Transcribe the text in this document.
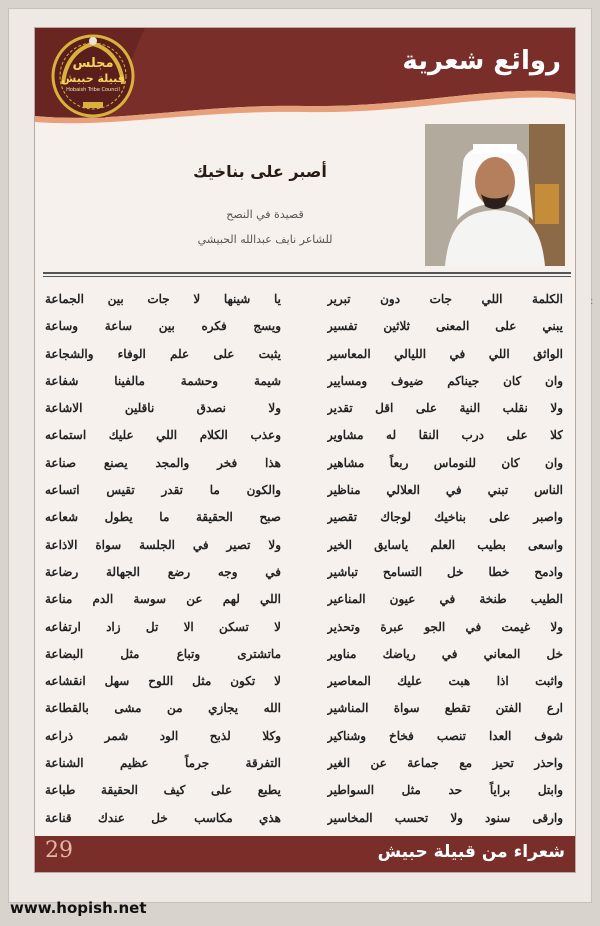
مجلس
قبيلة حبيش
Hobaish Tribe Council
روائع شعرية
أصبر على بناخيك
قصيدة في النصح
للشاعر نايف عبدالله الحبيشي
الكلمة اللي جات دون تبرير
يبني على المعنى ثلاثين تفسير
الواثق اللي في الليالي المعاسير
وان كان جيناكم ضيوف ومسايير
ولا نقلب النية على اقل تقدير
كلا على درب النقا له مشاوير
وان كان للنوماس ربعاً مشاهير
الناس تبني في العلالي مناظير
واصبر على بناخيك لوجاك تقصير
واسعى بطيب العلم ياسايق الخير
وادمح خطا خل التسامح تباشير
الطيب طنخة في عيون المناعير
ولا غيمت في الجو عبرة وتحذير
خل المعاني في رياضك مناوير
واثبت اذا هبت عليك المعاصير
ارع الفتن تقطع سواة المناشير
شوف العدا تنصب فخاخ وشناكير
واحذر تحيز مع جماعة عن الغير
وابتل براياً حد مثل السواطير
وارقى سنود ولا تحسب المخاسير
يا شينها لا جات بين الجماعة
ويسج فكره بين ساعة وساعة
يثبت على علم الوفاء والشجاعة
شيمة وحشمة مالفينا شفاعة
ولا نصدق ناقلين الاشاعة
وعذب الكلام اللي عليك استماعه
هذا فخر والمجد يصنع صناعة
والكون ما تقدر تقيس اتساعه
صبح الحقيقة ما يطول شعاعه
ولا تصير في الجلسة سواة الاذاعة
في وجه رضع الجهالة رضاعة
اللي لهم عن سوسة الدم مناعة
لا تسكن الا تل زاد ارتفاعه
ماتشترى وتباع مثل البضاعة
لا تكون مثل اللوح سهل انقشاعه
الله يجازي من مشى بالقطاعة
وكلا لذبح الود شمر ذراعه
التفرقة جرماً عظيم الشناعة
يطبع على كيف الحقيقة طباعة
هذي مكاسب خل عندك قناعة
29	شعراء من قبيلة حبيش
:
www.hopish.net
